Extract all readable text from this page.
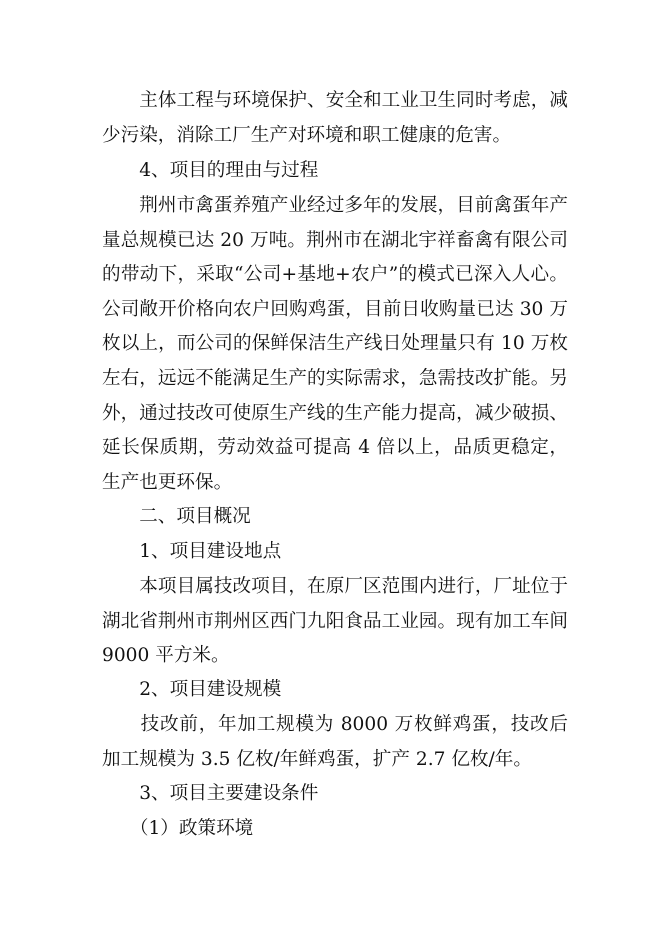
　　主体工程与环境保护、安全和工业卫生同时考虑，减少污染，消除工厂生产对环境和职工健康的危害。
　　4、项目的理由与过程
　　荆州市禽蛋养殖产业经过多年的发展，目前禽蛋年产量总规模已达 20 万吨。荆州市在湖北宇祥畜禽有限公司的带动下，采取“公司+基地+农户”的模式已深入人心。公司敞开价格向农户回购鸡蛋，目前日收购量已达 30 万枚以上，而公司的保鲜保洁生产线日处理量只有 10 万枚左右，远远不能满足生产的实际需求，急需技改扩能。另外，通过技改可使原生产线的生产能力提高，减少破损、延长保质期，劳动效益可提高 4 倍以上，品质更稳定，生产也更环保。
　　二、项目概况
　　1、项目建设地点
　　本项目属技改项目，在原厂区范围内进行，厂址位于湖北省荆州市荆州区西门九阳食品工业园。现有加工车间 9000 平方米。
　　2、项目建设规模
　　技改前，年加工规模为 8000 万枚鲜鸡蛋，技改后加工规模为 3.5 亿枚/年鲜鸡蛋，扩产 2.7 亿枚/年。
　　3、项目主要建设条件
　　（1）政策环境
